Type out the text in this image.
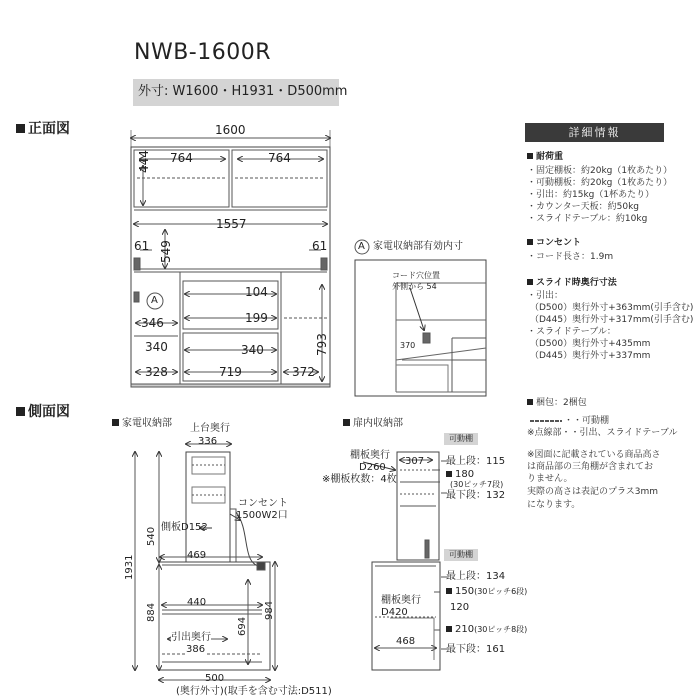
NWB-1600R
外寸: W1600・H1931・D500mm
正面図
側面図
1600
764	764
444
1557
549
61	61
A
104
199
346
340	340	793
328	719	372
A 家電収納部有効内寸
コード穴位置
外側から 54
370
詳細情報
耐荷重
・固定棚板：約20kg（1枚あたり）
・可動棚板：約20kg（1枚あたり）
・引出：約15kg（1杯あたり）
・カウンター天板：約50kg
・スライドテーブル：約10kg
コンセント
・コード長さ：1.9m
スライド時奥行寸法
・引出：
（D500）奥行外寸+363mm(引手含む)
（D445）奥行外寸+317mm(引手含む)
・スライドテーブル：
（D500）奥行外寸+435mm
（D445）奥行外寸+337mm
梱包：2梱包
・・可動棚
※点線部・・引出、スライドテーブル
※図面に記載されている商品高さ
は商品部の三角棚が含まれてお
りません。
実際の高さは表記のプラス3mm
になります。
家電収納部 上台奥行
336
コンセント
1500W2口
側板D152
1931
540
469
440
884
694
984
引出奥行
386
500
(奥行外寸)(取手を含む寸法:D511)
扉内収納部
可動棚
棚板奥行
D260
※棚板枚数：4枚
307 最上段：115
180
(30ピッチ7段)
最下段：132
可動棚
最上段：134
150(30ピッチ6段)
棚板奥行
D420	120
468
210(30ピッチ8段)
最下段：161
